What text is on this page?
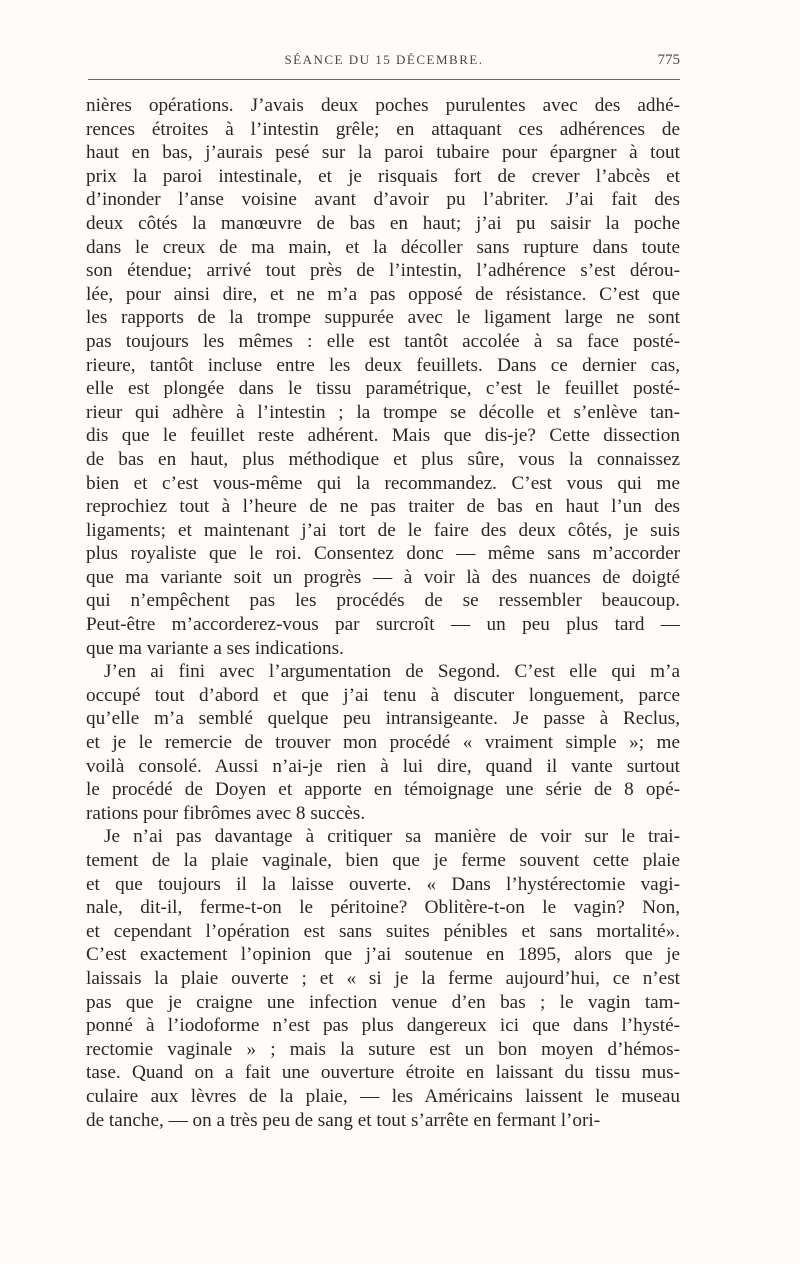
SÉANCE DU 15 DÉCEMBRE.	775
nières opérations. J’avais deux poches purulentes avec des adhé-
rences étroites à l’intestin grêle; en attaquant ces adhérences de
haut en bas, j’aurais pesé sur la paroi tubaire pour épargner à tout
prix la paroi intestinale, et je risquais fort de crever l’abcès et
d’inonder l’anse voisine avant d’avoir pu l’abriter. J’ai fait des
deux côtés la manœuvre de bas en haut; j’ai pu saisir la poche
dans le creux de ma main, et la décoller sans rupture dans toute
son étendue; arrivé tout près de l’intestin, l’adhérence s’est dérou-
lée, pour ainsi dire, et ne m’a pas opposé de résistance. C’est que
les rapports de la trompe suppurée avec le ligament large ne sont
pas toujours les mêmes : elle est tantôt accolée à sa face posté-
rieure, tantôt incluse entre les deux feuillets. Dans ce dernier cas,
elle est plongée dans le tissu paramétrique, c’est le feuillet posté-
rieur qui adhère à l’intestin ; la trompe se décolle et s’enlève tan-
dis que le feuillet reste adhérent. Mais que dis-je? Cette dissection
de bas en haut, plus méthodique et plus sûre, vous la connaissez
bien et c’est vous-même qui la recommandez. C’est vous qui me
reprochiez tout à l’heure de ne pas traiter de bas en haut l’un des
ligaments; et maintenant j’ai tort de le faire des deux côtés, je suis
plus royaliste que le roi. Consentez donc — même sans m’accorder
que ma variante soit un progrès — à voir là des nuances de doigté
qui n’empêchent pas les procédés de se ressembler beaucoup.
Peut-être m’accorderez-vous par surcroît — un peu plus tard —
que ma variante a ses indications.
J’en ai fini avec l’argumentation de Segond. C’est elle qui m’a
occupé tout d’abord et que j’ai tenu à discuter longuement, parce
qu’elle m’a semblé quelque peu intransigeante. Je passe à Reclus,
et je le remercie de trouver mon procédé « vraiment simple »; me
voilà consolé. Aussi n’ai-je rien à lui dire, quand il vante surtout
le procédé de Doyen et apporte en témoignage une série de 8 opé-
rations pour fibrômes avec 8 succès.
Je n’ai pas davantage à critiquer sa manière de voir sur le trai-
tement de la plaie vaginale, bien que je ferme souvent cette plaie
et que toujours il la laisse ouverte. « Dans l’hystérectomie vagi-
nale, dit-il, ferme-t-on le péritoine? Oblitère-t-on le vagin? Non,
et cependant l’opération est sans suites pénibles et sans mortalité».
C’est exactement l’opinion que j’ai soutenue en 1895, alors que je
laissais la plaie ouverte ; et « si je la ferme aujourd’hui, ce n’est
pas que je craigne une infection venue d’en bas ; le vagin tam-
ponné à l’iodoforme n’est pas plus dangereux ici que dans l’hysté-
rectomie vaginale » ; mais la suture est un bon moyen d’hémos-
tase. Quand on a fait une ouverture étroite en laissant du tissu mus-
culaire aux lèvres de la plaie, — les Américains laissent le museau
de tanche, — on a très peu de sang et tout s’arrête en fermant l’ori-
